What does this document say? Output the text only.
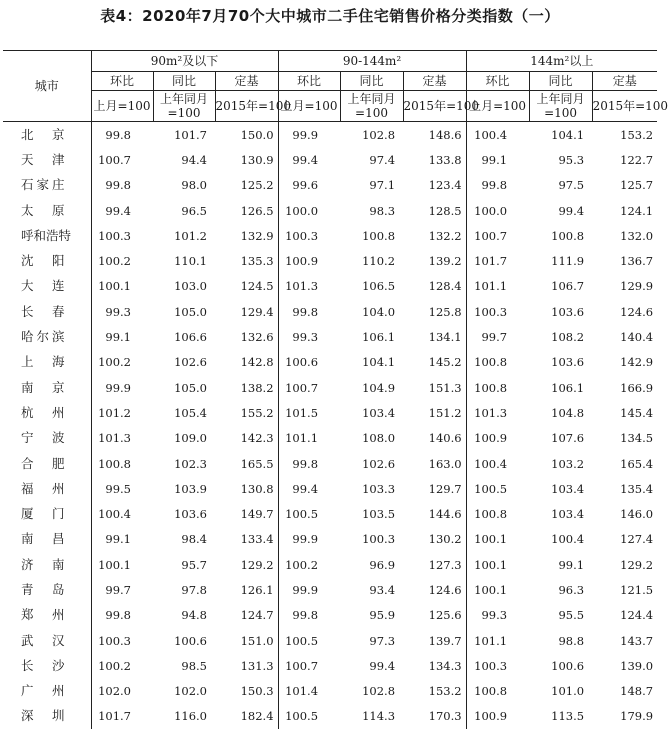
表4：2020年7月70个大中城市二手住宅销售价格分类指数（一）
城市	90m²及以下			90-144m²			144m²以上		
	环比	同比	定基	环比	同比	定基	环比	同比	定基
	上月=100	上年同月=100	2015年=100	上月=100	上年同月=100	2015年=100	上月=100	上年同月=100	2015年=100
北　京	99.8	101.7	150.0	99.9	102.8	148.6	100.4	104.1	153.2
天　津	100.7	94.4	130.9	99.4	97.4	133.8	99.1	95.3	122.7
石家庄	99.8	98.0	125.2	99.6	97.1	123.4	99.8	97.5	125.7
太　原	99.4	96.5	126.5	100.0	98.3	128.5	100.0	99.4	124.1
呼和浩特	100.3	101.2	132.9	100.3	100.8	132.2	100.7	100.8	132.0
沈　阳	100.2	110.1	135.3	100.9	110.2	139.2	101.7	111.9	136.7
大　连	100.1	103.0	124.5	101.3	106.5	128.4	101.1	106.7	129.9
长　春	99.3	105.0	129.4	99.8	104.0	125.8	100.3	103.6	124.6
哈尔滨	99.1	106.6	132.6	99.3	106.1	134.1	99.7	108.2	140.4
上　海	100.2	102.6	142.8	100.6	104.1	145.2	100.8	103.6	142.9
南　京	99.9	105.0	138.2	100.7	104.9	151.3	100.8	106.1	166.9
杭　州	101.2	105.4	155.2	101.5	103.4	151.2	101.3	104.8	145.4
宁　波	101.3	109.0	142.3	101.1	108.0	140.6	100.9	107.6	134.5
合　肥	100.8	102.3	165.5	99.8	102.6	163.0	100.4	103.2	165.4
福　州	99.5	103.9	130.8	99.4	103.3	129.7	100.5	103.4	135.4
厦　门	100.4	103.6	149.7	100.5	103.5	144.6	100.8	103.4	146.0
南　昌	99.1	98.4	133.4	99.9	100.3	130.2	100.1	100.4	127.4
济　南	100.1	95.7	129.2	100.2	96.9	127.3	100.1	99.1	129.2
青　岛	99.7	97.8	126.1	99.9	93.4	124.6	100.1	96.3	121.5
郑　州	99.8	94.8	124.7	99.8	95.9	125.6	99.3	95.5	124.4
武　汉	100.3	100.6	151.0	100.5	97.3	139.7	101.1	98.8	143.7
长　沙	100.2	98.5	131.3	100.7	99.4	134.3	100.3	100.6	139.0
广　州	102.0	102.0	150.3	101.4	102.8	153.2	100.8	101.0	148.7
深　圳	101.7	116.0	182.4	100.5	114.3	170.3	100.9	113.5	179.9
